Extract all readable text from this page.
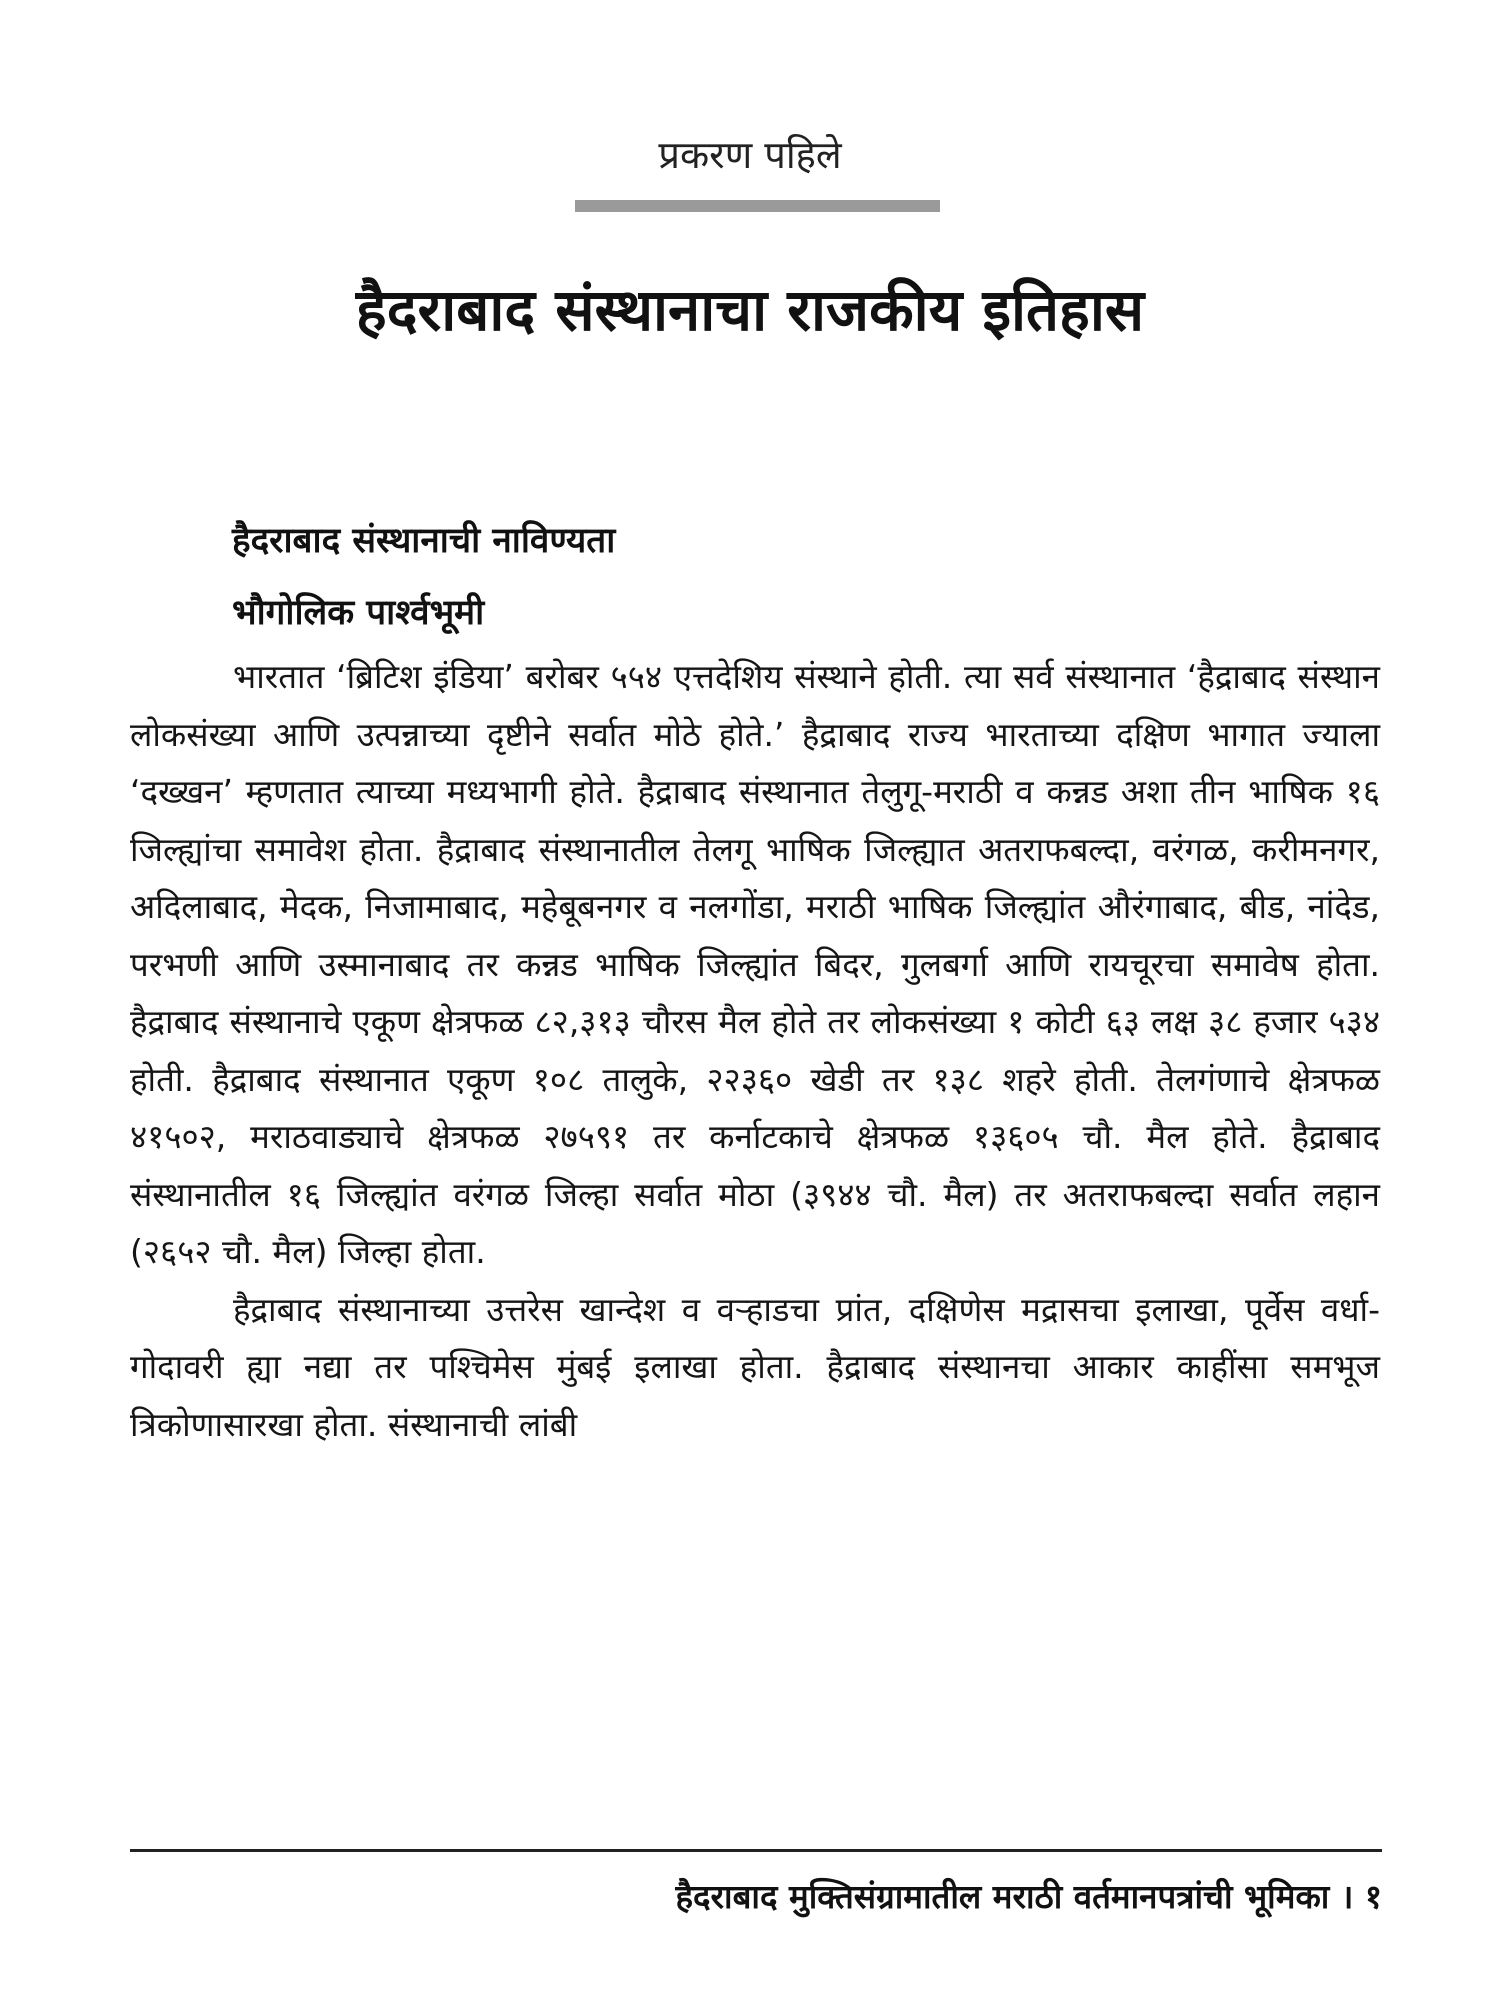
प्रकरण पहिले
हैदराबाद संस्थानाचा राजकीय इतिहास
हैदराबाद संस्थानाची नाविण्यता
भौगोलिक पार्श्वभूमी

भारतात ‘ब्रिटिश इंडिया’ बरोबर ५५४ एत्तदेशिय संस्थाने होती. त्या सर्व संस्थानात ‘हैद्राबाद संस्थान लोकसंख्या आणि उत्पन्नाच्या दृष्टीने सर्वात मोठे होते.’ हैद्राबाद राज्य भारताच्या दक्षिण भागात ज्याला ‘दख्खन’ म्हणतात त्याच्या मध्यभागी होते. हैद्राबाद संस्थानात तेलुगू-मराठी व कन्नड अशा तीन भाषिक १६ जिल्ह्यांचा समावेश होता. हैद्राबाद संस्थानातील तेलगू भाषिक जिल्ह्यात अतराफबल्दा, वरंगळ, करीमनगर, अदिलाबाद, मेदक, निजामाबाद, महेबूबनगर व नलगोंडा, मराठी भाषिक जिल्ह्यांत औरंगाबाद, बीड, नांदेड, परभणी आणि उस्मानाबाद तर कन्नड भाषिक जिल्ह्यांत बिदर, गुलबर्गा आणि रायचूरचा समावेष होता. हैद्राबाद संस्थानाचे एकूण क्षेत्रफळ ८२,३१३ चौरस मैल होते तर लोकसंख्या १ कोटी ६३ लक्ष ३८ हजार ५३४ होती. हैद्राबाद संस्थानात एकूण १०८ तालुके, २२३६० खेडी तर १३८ शहरे होती. तेलगंणाचे क्षेत्रफळ ४१५०२, मराठवाड्याचे क्षेत्रफळ २७५९१ तर कर्नाटकाचे क्षेत्रफळ १३६०५ चौ. मैल होते. हैद्राबाद संस्थानातील १६ जिल्ह्यांत वरंगळ जिल्हा सर्वात मोठा (३९४४ चौ. मैल) तर अतराफबल्दा सर्वात लहान (२६५२ चौ. मैल) जिल्हा होता.

हैद्राबाद संस्थानाच्या उत्तरेस खान्देश व वऱ्हाडचा प्रांत, दक्षिणेस मद्रासचा इलाखा, पूर्वेस वर्धा- गोदावरी ह्या नद्या तर पश्चिमेस मुंबई इलाखा होता. हैद्राबाद संस्थानचा आकार काहींसा समभूज त्रिकोणासारखा होता. संस्थानाची लांबी

हैदराबाद मुक्तिसंग्रामातील मराठी वर्तमानपत्रांची भूमिका । १
